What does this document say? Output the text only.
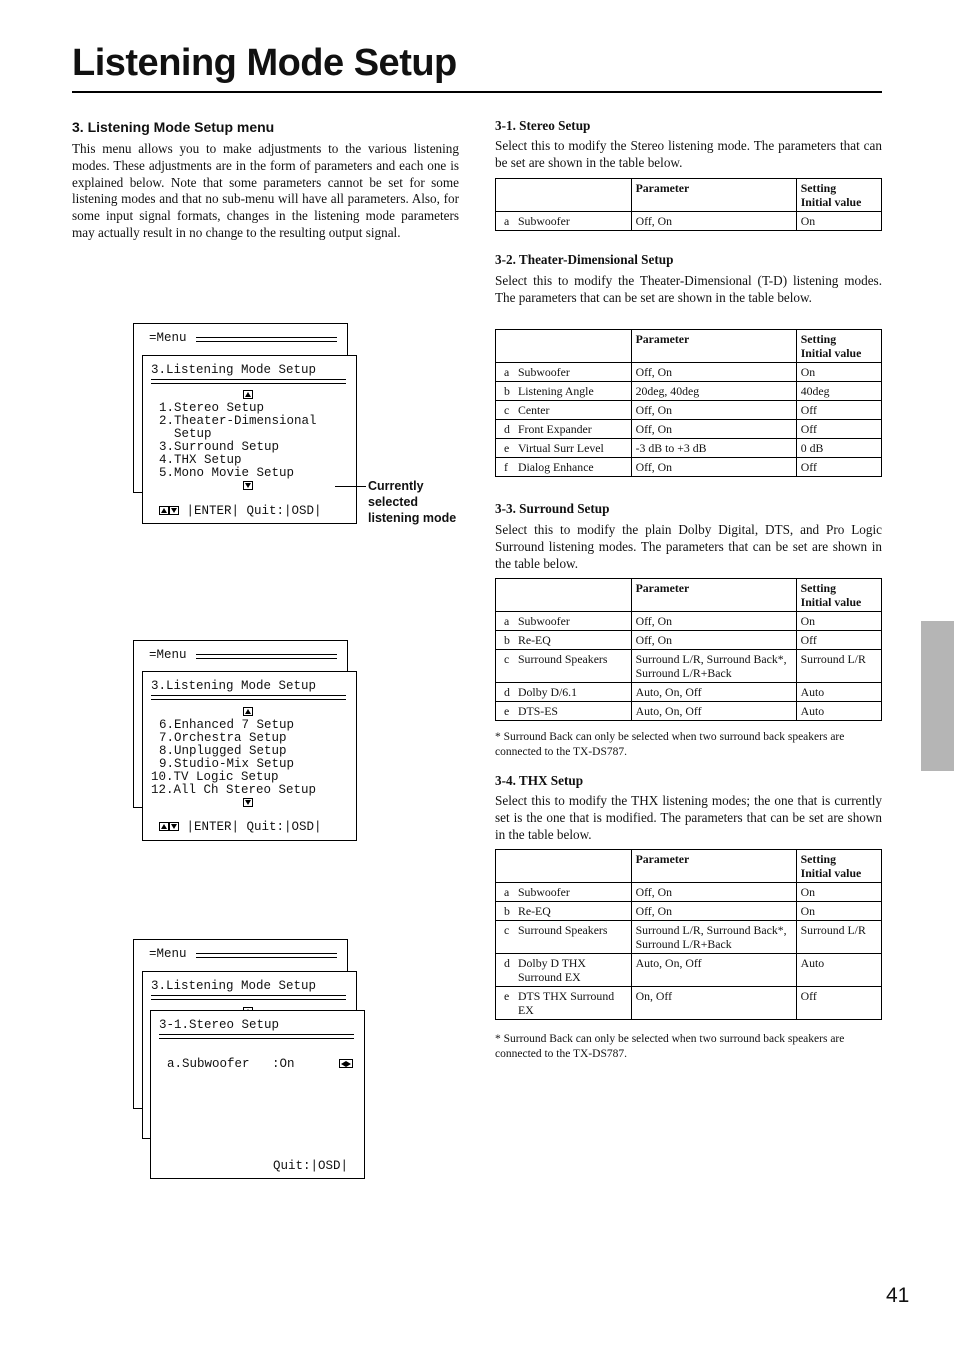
Listening Mode Setup
41
3. Listening Mode Setup menu
This menu allows you to make adjustments to the various listening modes. These adjustments are in the form of parameters and each one is explained below. Note that some parameters cannot be set for some listening modes and that no sub-menu will have all parameters. Also, for some input signal formats, changes in the listening mode parameters may actually result in no change to the resulting output signal.
=Menu
3.Listening Mode Setup
1.Stereo Setup
2.Theater-Dimensional
Setup
3.Surround Setup
4.THX Setup
5.Mono Movie Setup
|ENTER| Quit:|OSD|
Currently
selected
listening mode
=Menu
3.Listening Mode Setup
6.Enhanced 7 Setup
7.Orchestra Setup
8.Unplugged Setup
9.Studio-Mix Setup
10.TV Logic Setup
12.All Ch Stereo Setup
|ENTER| Quit:|OSD|
=Menu
3.Listening Mode Setup
3-1.Stereo Setup
a.Subwoofer   :On
Quit:|OSD|
3-1. Stereo Setup
Select this to modify the Stereo listening mode. The parameters that can be set are shown in the table below.
	Parameter	Setting
Initial value

a Subwoofer	Off, On	On
3-2. Theater-Dimensional Setup
Select this to modify the Theater-Dimensional (T-D) listening modes. The parameters that can be set are shown in the table below.
	Parameter	Setting
Initial value

a Subwoofer	Off, On	On
b Listening Angle	20deg, 40deg	40deg
c Center	Off, On	Off
d Front Expander	Off, On	Off
e Virtual Surr Level	-3 dB to +3 dB	0 dB
f Dialog Enhance	Off, On	Off
3-3. Surround Setup
Select this to modify the plain Dolby Digital, DTS, and Pro Logic Surround listening modes. The parameters that can be set are shown in the table below.
	Parameter	Setting
Initial value

a Subwoofer	Off, On	On
b Re-EQ	Off, On	Off
c Surround Speakers	Surround L/R, Surround Back*, Surround L/R+Back	Surround L/R
d Dolby D/6.1	Auto, On, Off	Auto
e DTS-ES	Auto, On, Off	Auto
* Surround Back can only be selected when two surround back speakers are connected to the TX-DS787.
3-4. THX Setup
Select this to modify the THX listening modes; the one that is currently set is the one that is modified. The parameters that can be set are shown in the table below.
	Parameter	Setting
Initial value

a Subwoofer	Off, On	On
b Re-EQ	Off, On	On
c Surround Speakers	Surround L/R, Surround Back*, Surround L/R+Back	Surround L/R
d Dolby D THX Surround EX	Auto, On, Off	Auto
e DTS THX Surround EX	On, Off	Off
* Surround Back can only be selected when two surround back speakers are connected to the TX-DS787.
